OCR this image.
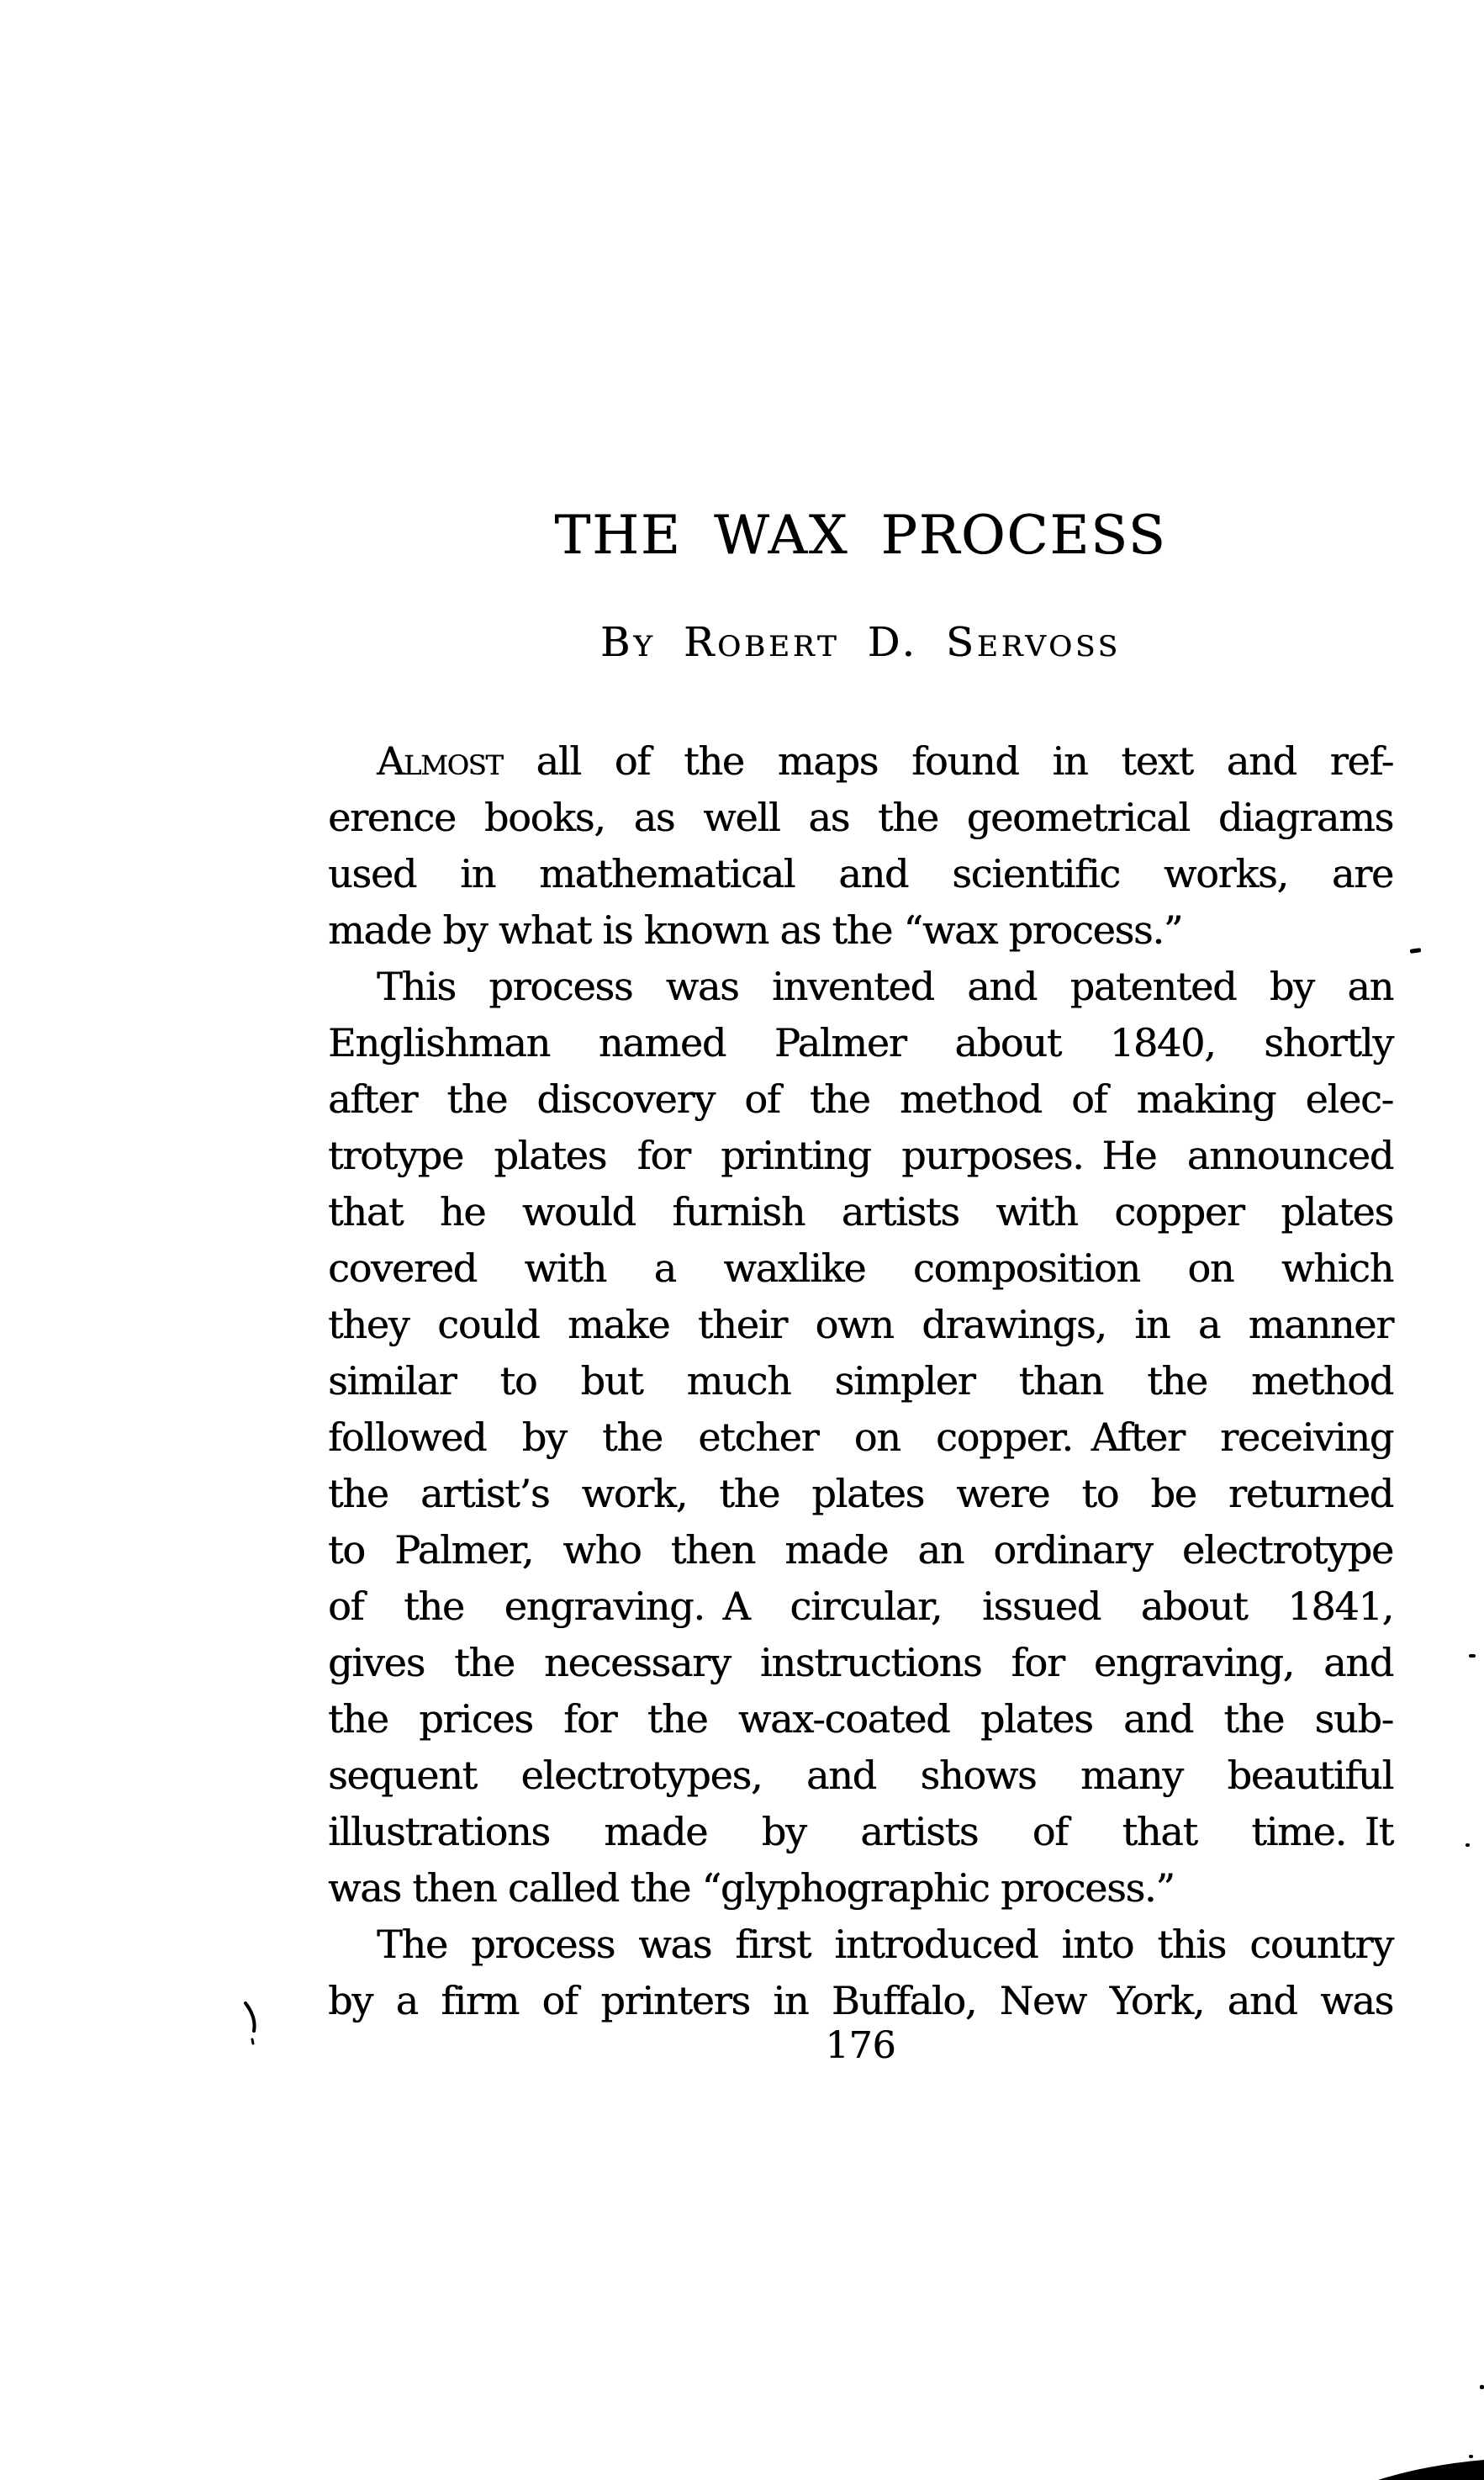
THE WAX PROCESS
By Robert D. Servoss
Almost all of the maps found in text and ref-
erence books, as well as the geometrical diagrams
used in mathematical and scientific works, are
made by what is known as the “wax process.”
This process was invented and patented by an
Englishman named Palmer about 1840, shortly
after the discovery of the method of making elec-
trotype plates for printing purposes. He announced
that he would furnish artists with copper plates
covered with a waxlike composition on which
they could make their own drawings, in a manner
similar to but much simpler than the method
followed by the etcher on copper. After receiving
the artist’s work, the plates were to be returned
to Palmer, who then made an ordinary electrotype
of the engraving. A circular, issued about 1841,
gives the necessary instructions for engraving, and
the prices for the wax-coated plates and the sub-
sequent electrotypes, and shows many beautiful
illustrations made by artists of that time. It
was then called the “glyphographic process.”
The process was first introduced into this country
by a firm of printers in Buffalo, New York, and was
176
